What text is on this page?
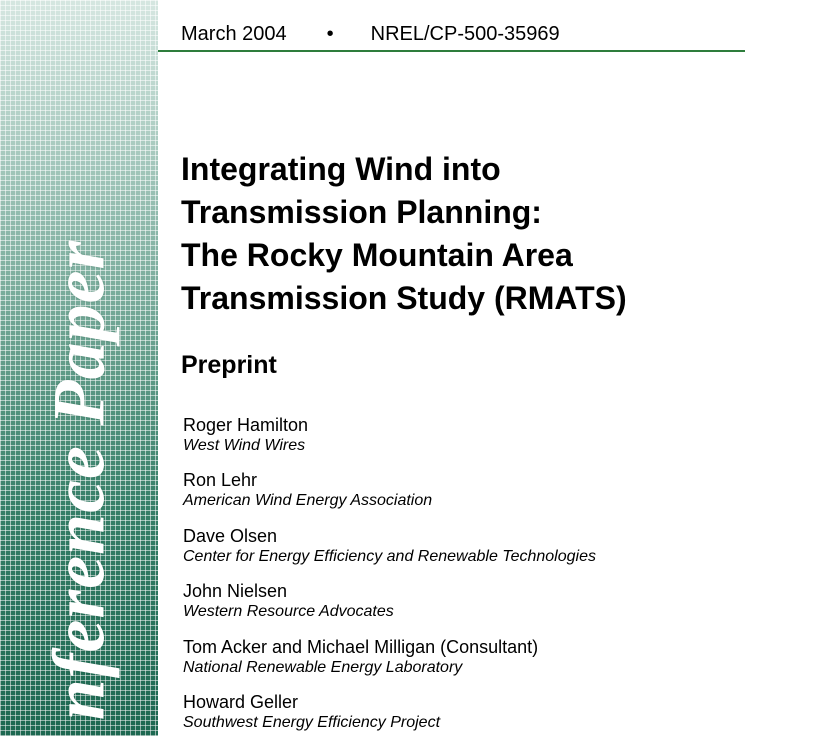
nference Paper
March 2004 • NREL/CP-500-35969
Integrating Wind into
Transmission Planning:
The Rocky Mountain Area
Transmission Study (RMATS)
Preprint
Roger Hamilton
West Wind Wires
Ron Lehr
American Wind Energy Association
Dave Olsen
Center for Energy Efficiency and Renewable Technologies
John Nielsen
Western Resource Advocates
Tom Acker and Michael Milligan (Consultant)
National Renewable Energy Laboratory
Howard Geller
Southwest Energy Efficiency Project
